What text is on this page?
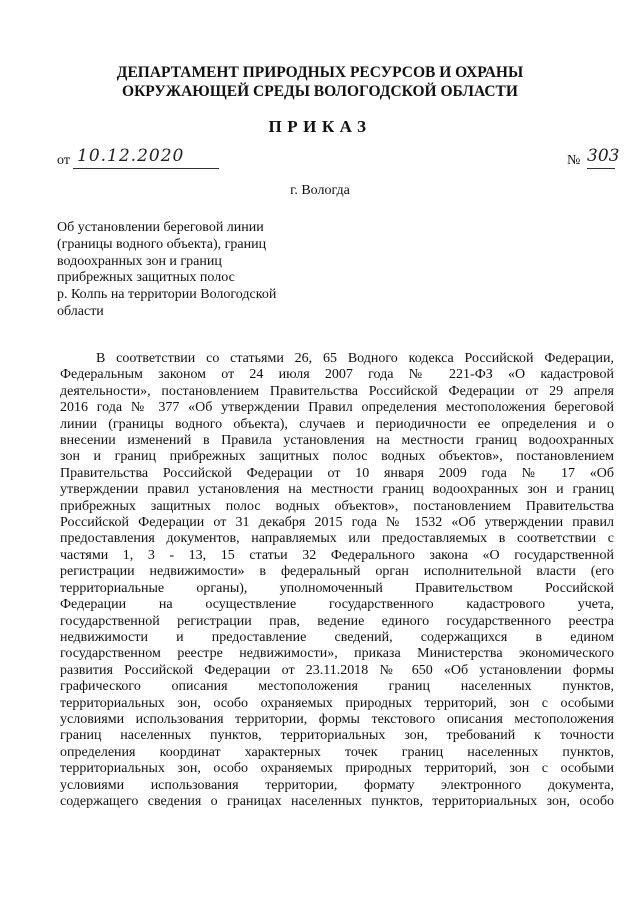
ДЕПАРТАМЕНТ ПРИРОДНЫХ РЕСУРСОВ И ОХРАНЫ
ОКРУЖАЮЩЕЙ СРЕДЫ ВОЛОГОДСКОЙ ОБЛАСТИ
ПРИКАЗ
от 10.12.2020	№ 303
г. Вологда
Об установлении береговой линии
(границы водного объекта), границ
водоохранных зон и границ
прибрежных защитных полос
р. Колпь на территории Вологодской
области
В соответствии со статьями 26, 65 Водного кодекса Российской Федерации,
Федеральным законом от 24 июля 2007 года № 221-ФЗ «О кадастровой
деятельности», постановлением Правительства Российской Федерации от 29 апреля
2016 года № 377 «Об утверждении Правил определения местоположения береговой
линии (границы водного объекта), случаев и периодичности ее определения и о
внесении изменений в Правила установления на местности границ водоохранных
зон и границ прибрежных защитных полос водных объектов», постановлением
Правительства Российской Федерации от 10 января 2009 года № 17 «Об
утверждении правил установления на местности границ водоохранных зон и границ
прибрежных защитных полос водных объектов», постановлением Правительства
Российской Федерации от 31 декабря 2015 года № 1532 «Об утверждении правил
предоставления документов, направляемых или предоставляемых в соответствии с
частями 1, 3 - 13, 15 статьи 32 Федерального закона «О государственной
регистрации недвижимости» в федеральный орган исполнительной власти (его
территориальные органы), уполномоченный Правительством Российской
Федерации на осуществление государственного кадастрового учета,
государственной регистрации прав, ведение единого государственного реестра
недвижимости и предоставление сведений, содержащихся в едином
государственном реестре недвижимости», приказа Министерства экономического
развития Российской Федерации от 23.11.2018 № 650 «Об установлении формы
графического описания местоположения границ населенных пунктов,
территориальных зон, особо охраняемых природных территорий, зон с особыми
условиями использования территории, формы текстового описания местоположения
границ населенных пунктов, территориальных зон, требований к точности
определения координат характерных точек границ населенных пунктов,
территориальных зон, особо охраняемых природных территорий, зон с особыми
условиями использования территории, формату электронного документа,
содержащего сведения о границах населенных пунктов, территориальных зон, особо
